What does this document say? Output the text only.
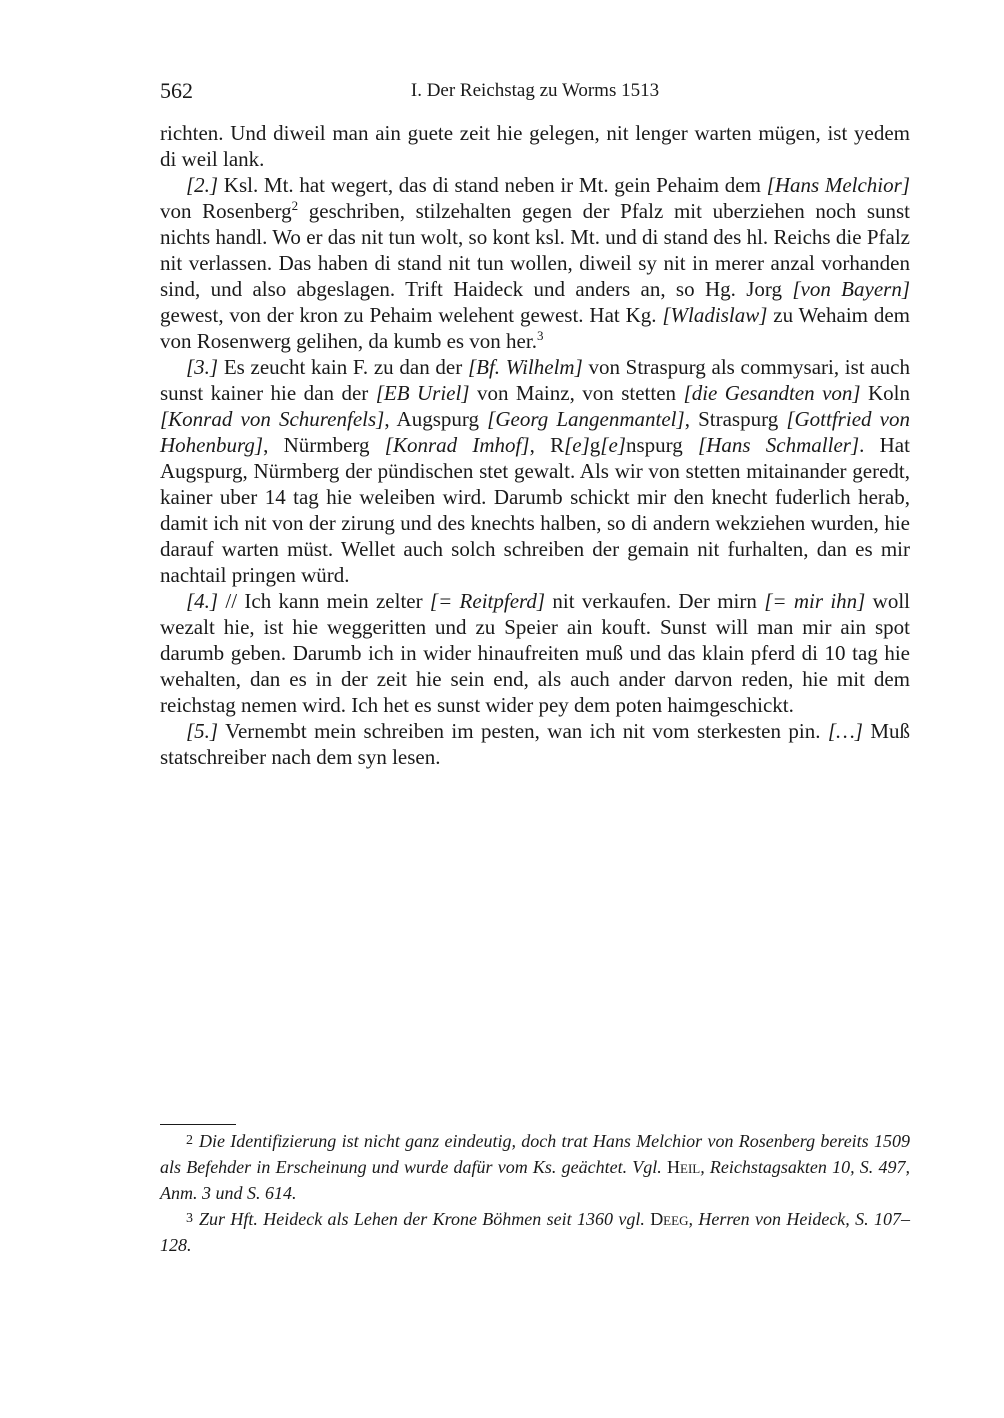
562	I. Der Reichstag zu Worms 1513

richten. Und diweil man ain guete zeit hie gelegen, nit lenger warten mügen, ist yedem di weil lank.

[2.] Ksl. Mt. hat wegert, das di stand neben ir Mt. gein Pehaim dem [Hans Melchior] von Rosenberg$^2$ geschriben, stilzehalten gegen der Pfalz mit uberziehen noch sunst nichts handl. Wo er das nit tun wolt, so kont ksl. Mt. und di stand des hl. Reichs die Pfalz nit verlassen. Das haben di stand nit tun wollen, diweil sy nit in merer anzal vorhanden sind, und also abgeslagen. Trift Haideck und anders an, so Hg. Jorg [von Bayern] gewest, von der kron zu Pehaim welehent gewest. Hat Kg. [Wladislaw] zu Wehaim dem von Rosenwerg gelihen, da kumb es von her.$^3$

[3.] Es zeucht kain F. zu dan der [Bf. Wilhelm] von Straspurg als commysari, ist auch sunst kainer hie dan der [EB Uriel] von Mainz, von stetten [die Gesandten von] Koln [Konrad von Schurenfels], Augspurg [Georg Langenmantel], Straspurg [Gottfried von Hohenburg], Nürmberg [Konrad Imhof], R[e]g[e]nspurg [Hans Schmaller]. Hat Augspurg, Nürmberg der pündischen stet gewalt. Als wir von stetten mitainander geredt, kainer uber 14 tag hie weleiben wird. Darumb schickt mir den knecht fuderlich herab, damit ich nit von der zirung und des knechts halben, so di andern wekziehen wurden, hie darauf warten müst. Wellet auch solch schreiben der gemain nit furhalten, dan es mir nachtail pringen würd.

[4.] // Ich kann mein zelter [= Reitpferd] nit verkaufen. Der mirn [= mir ihn] woll wezalt hie, ist hie weggeritten und zu Speier ain kouft. Sunst will man mir ain spot darumb geben. Darumb ich in wider hinaufreiten muß und das klain pferd di 10 tag hie wehalten, dan es in der zeit hie sein end, als auch ander darvon reden, hie mit dem reichstag nemen wird. Ich het es sunst wider pey dem poten haimgeschickt.

[5.] Vernembt mein schreiben im pesten, wan ich nit vom sterkesten pin. […] Muß statschreiber nach dem syn lesen.

2 Die Identifizierung ist nicht ganz eindeutig, doch trat Hans Melchior von Rosenberg bereits 1509 als Befehder in Erscheinung und wurde dafür vom Ks. geächtet. Vgl. Heil, Reichstagsakten 10, S. 497, Anm. 3 und S. 614.

3 Zur Hft. Heideck als Lehen der Krone Böhmen seit 1360 vgl. Deeg, Herren von Heideck, S. 107–128.
